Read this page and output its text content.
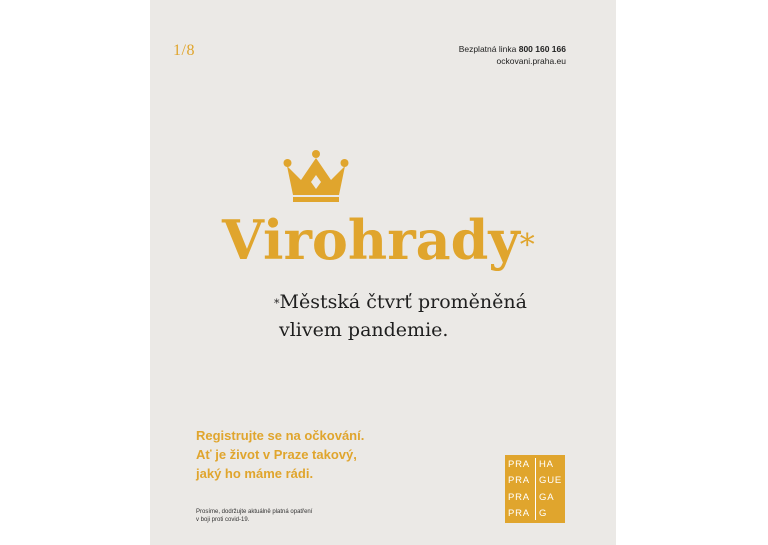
1/8	Bezplatná linka 800 160 166
ockovani.praha.eu
Virohrady*
*Městská čtvrť proměněná
vlivem pandemie.
Registrujte se na očkování.
Ať je život v Praze takový,
jaký ho máme rádi.
Prosíme, dodržujte aktuálně platná opatření
v boji proti covid-19.
PRA
PRA
PRA
PRA
HA
GUE
GA
G
